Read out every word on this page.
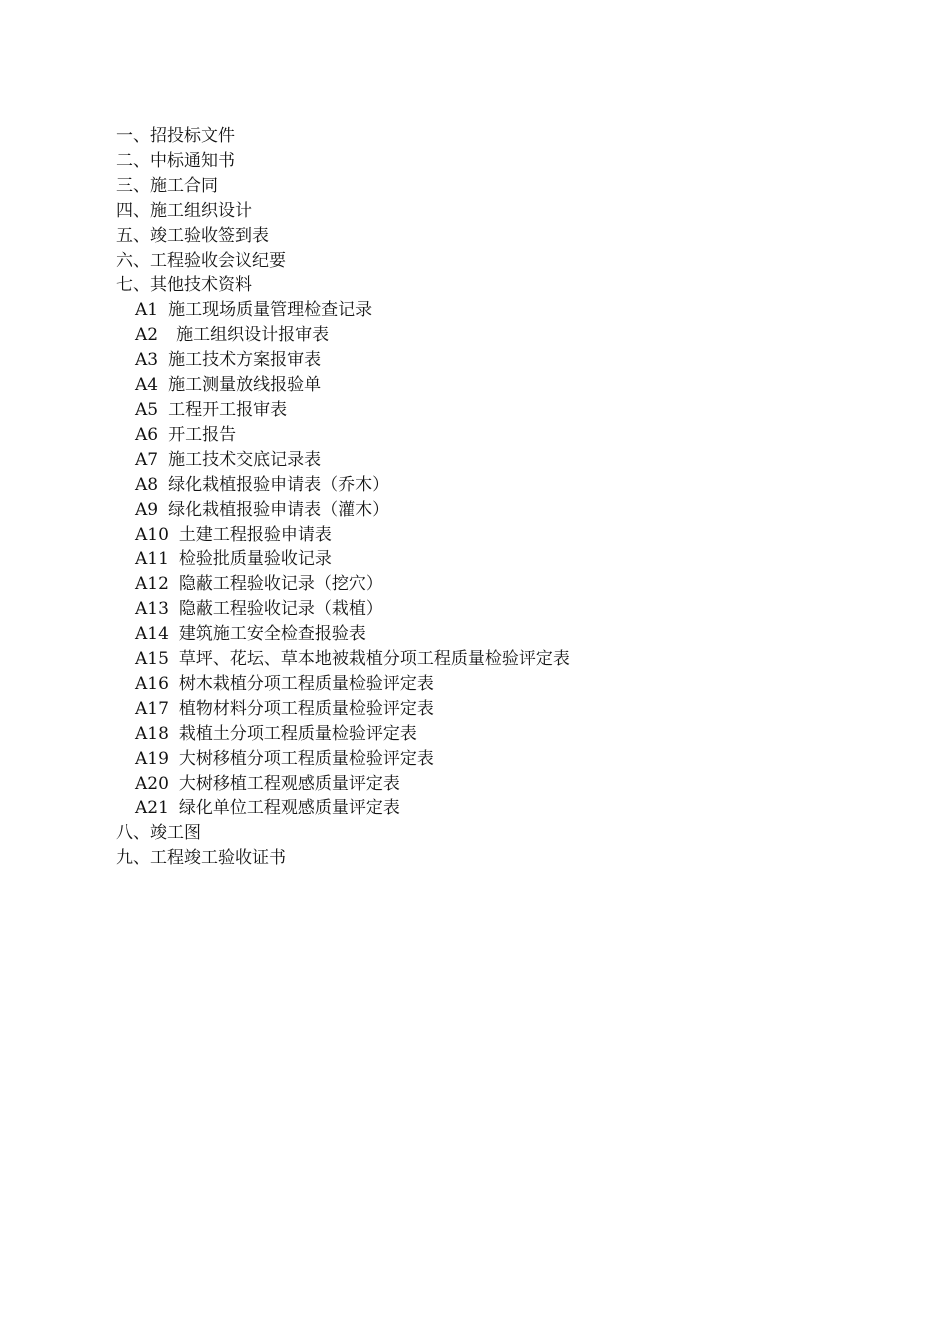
一、招投标文件
二、中标通知书
三、施工合同
四、施工组织设计
五、竣工验收签到表
六、工程验收会议纪要
七、其他技术资料
A1 施工现场质量管理检查记录
A2 施工组织设计报审表
A3 施工技术方案报审表
A4 施工测量放线报验单
A5 工程开工报审表
A6 开工报告
A7 施工技术交底记录表
A8 绿化栽植报验申请表（乔木）
A9 绿化栽植报验申请表（灌木）
A10 土建工程报验申请表
A11 检验批质量验收记录
A12 隐蔽工程验收记录（挖穴）
A13 隐蔽工程验收记录（栽植）
A14 建筑施工安全检查报验表
A15 草坪、花坛、草本地被栽植分项工程质量检验评定表
A16 树木栽植分项工程质量检验评定表
A17 植物材料分项工程质量检验评定表
A18 栽植土分项工程质量检验评定表
A19 大树移植分项工程质量检验评定表
A20 大树移植工程观感质量评定表
A21 绿化单位工程观感质量评定表
八、竣工图
九、工程竣工验收证书
